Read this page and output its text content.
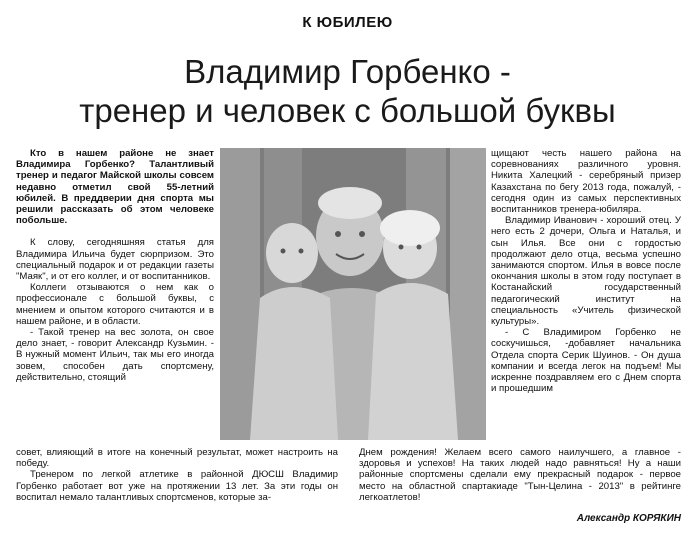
К ЮБИЛЕЮ
Владимир Горбенко -
тренер и человек с большой буквы

Кто в нашем районе не знает Владимира Горбенко? Талантливый тренер и педагог Майской школы совсем недавно отметил свой 55-летний юбилей. В преддверии дня спорта мы решили рассказать об этом человеке побольше.

К слову, сегодняшняя статья для Владимира Ильича будет сюрпризом. Это специальный подарок и от редакции газеты "Маяк", и от его коллег, и от воспитанников.

Коллеги отзываются о нем как о профессионале с большой буквы, с мнением и опытом которого считаются и в нашем районе, и в области.

- Такой тренер на вес золота, он свое дело знает, - говорит Александр Кузьмин. - В нужный момент Ильич, так мы его иногда зовем, способен дать спортсмену, действительно, стоящий

щищают честь нашего района на соревнованиях различного уровня. Никита Халецкий - серебряный призер Казахстана по бегу 2013 года, пожалуй, - сегодня один из самых перспективных воспитанников тренера-юбиляра.

Владимир Иванович - хороший отец. У него есть 2 дочери, Ольга и Наталья, и сын Илья. Все они с гордостью продолжают дело отца, весьма успешно занимаются спортом. Илья в вовсе после окончания школы в этом году поступает в Костанайский государственный педагогический институт на специальность «Учитель физической культуры».

- С Владимиром Горбенко не соскучишься, -добавляет начальника Отдела спорта Серик Шуинов. - Он душа компании и всегда легок на подъем! Мы искренне поздравляем его с Днем спорта и прошедшим

совет, влияющий в итоге на конечный результат, может настроить на победу.

Тренером по легкой атлетике в районной ДЮСШ Владимир Горбенко работает вот уже на протяжении 13 лет. За эти годы он воспитал немало талантливых спортсменов, которые за-

Днем рождения! Желаем всего самого наилучшего, а главное - здоровья и успехов! На таких людей надо равняться! Ну а наши районные спортсмены сделали ему прекрасный подарок - первое место на областной спартакиаде "Тын-Целина - 2013" в рейтинге легкоатлетов!

Александр КОРЯКИН
